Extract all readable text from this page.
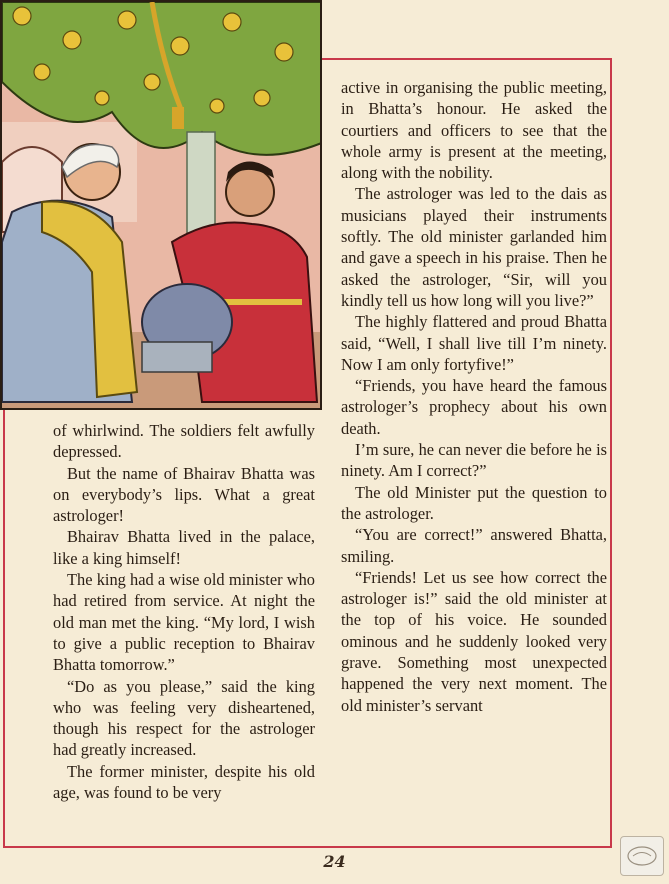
of whirlwind. The soldiers felt awfully depressed.

But the name of Bhairav Bhatta was on everybody’s lips. What a great astrologer!

Bhairav Bhatta lived in the palace, like a king himself!

The king had a wise old minister who had retired from service. At night the old man met the king. “My lord, I wish to give a public reception to Bhairav Bhatta tomorrow.”

“Do as you please,” said the king who was feeling very disheartened, though his respect for the astrologer had greatly increased.

The former minister, despite his old age, was found to be very

active in organising the public meeting, in Bhatta’s honour. He asked the courtiers and officers to see that the whole army is present at the meeting, along with the nobility.

The astrologer was led to the dais as musicians played their instruments softly. The old minister garlanded him and gave a speech in his praise. Then he asked the astrologer, “Sir, will you kindly tell us how long will you live?”

The highly flattered and proud Bhatta said, “Well, I shall live till I’m ninety. Now I am only fortyfive!”

“Friends, you have heard the famous astrologer’s prophecy about his own death.

I’m sure, he can never die before he is ninety. Am I correct?”

The old Minister put the question to the astrologer.

“You are correct!” answered Bhatta, smiling.

“Friends! Let us see how correct the astrologer is!” said the old minister at the top of his voice. He sounded ominous and he suddenly looked very grave. Something most unexpected happened the very next moment. The old minister’s servant

24
